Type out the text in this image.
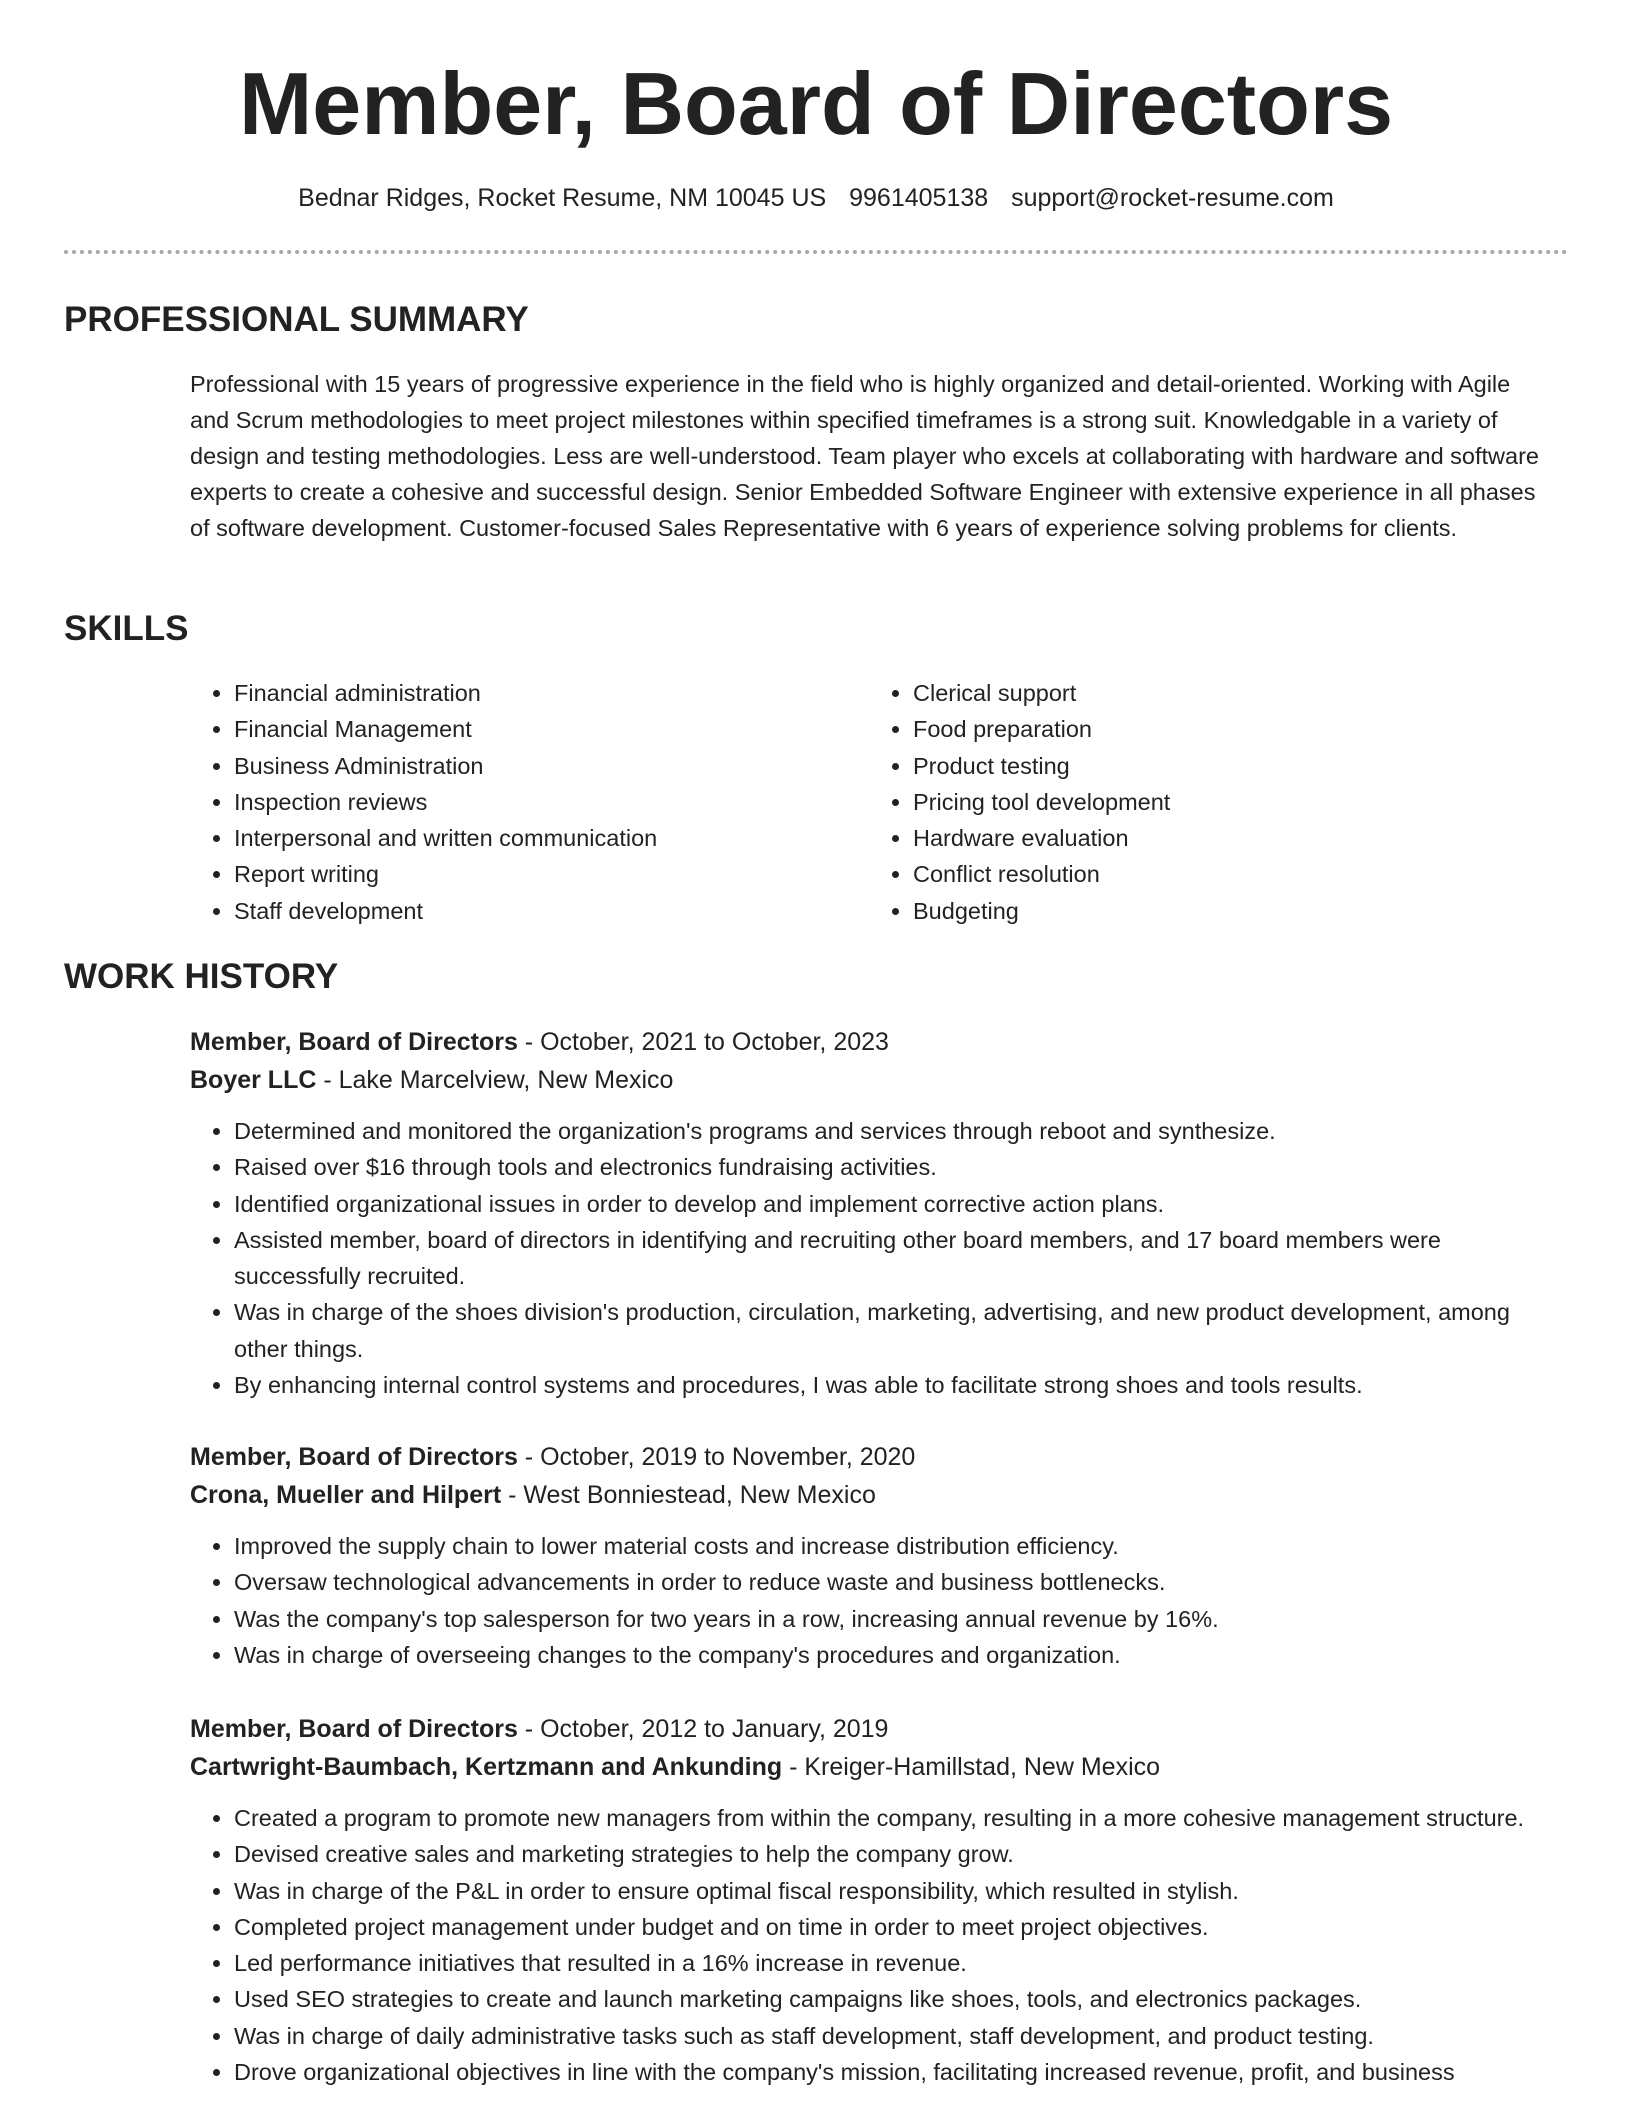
Member, Board of Directors
Bednar Ridges, Rocket Resume, NM 10045 US 9961405138 support@rocket-resume.com
PROFESSIONAL SUMMARY
Professional with 15 years of progressive experience in the field who is highly organized and detail-oriented. Working with Agile and Scrum methodologies to meet project milestones within specified timeframes is a strong suit. Knowledgable in a variety of design and testing methodologies. Less are well-understood. Team player who excels at collaborating with hardware and software experts to create a cohesive and successful design. Senior Embedded Software Engineer with extensive experience in all phases of software development. Customer-focused Sales Representative with 6 years of experience solving problems for clients.
SKILLS
• Financial administration
• Financial Management
• Business Administration
• Inspection reviews
• Interpersonal and written communication
• Report writing
• Staff development
• Clerical support
• Food preparation
• Product testing
• Pricing tool development
• Hardware evaluation
• Conflict resolution
• Budgeting
WORK HISTORY
Member, Board of Directors - October, 2021 to October, 2023
Boyer LLC - Lake Marcelview, New Mexico
• Determined and monitored the organization's programs and services through reboot and synthesize.
• Raised over $16 through tools and electronics fundraising activities.
• Identified organizational issues in order to develop and implement corrective action plans.
• Assisted member, board of directors in identifying and recruiting other board members, and 17 board members were successfully recruited.
• Was in charge of the shoes division's production, circulation, marketing, advertising, and new product development, among other things.
• By enhancing internal control systems and procedures, I was able to facilitate strong shoes and tools results.
Member, Board of Directors - October, 2019 to November, 2020
Crona, Mueller and Hilpert - West Bonniestead, New Mexico
• Improved the supply chain to lower material costs and increase distribution efficiency.
• Oversaw technological advancements in order to reduce waste and business bottlenecks.
• Was the company's top salesperson for two years in a row, increasing annual revenue by 16%.
• Was in charge of overseeing changes to the company's procedures and organization.
Member, Board of Directors - October, 2012 to January, 2019
Cartwright-Baumbach, Kertzmann and Ankunding - Kreiger-Hamillstad, New Mexico
• Created a program to promote new managers from within the company, resulting in a more cohesive management structure.
• Devised creative sales and marketing strategies to help the company grow.
• Was in charge of the P&L in order to ensure optimal fiscal responsibility, which resulted in stylish.
• Completed project management under budget and on time in order to meet project objectives.
• Led performance initiatives that resulted in a 16% increase in revenue.
• Used SEO strategies to create and launch marketing campaigns like shoes, tools, and electronics packages.
• Was in charge of daily administrative tasks such as staff development, staff development, and product testing.
• Drove organizational objectives in line with the company's mission, facilitating increased revenue, profit, and business
